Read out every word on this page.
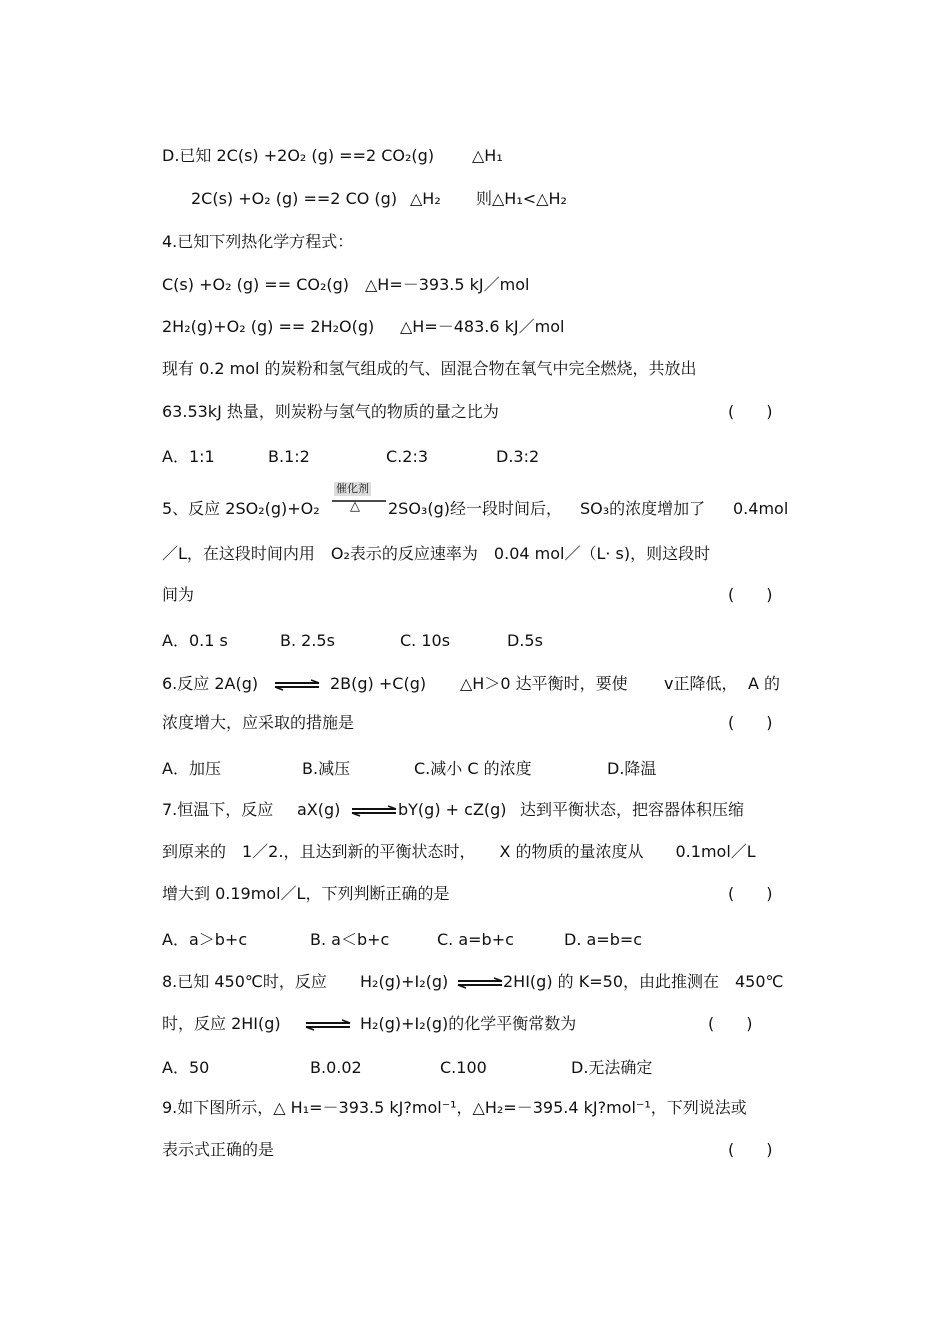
D.已知 2C(s) +2O₂ (g) ==2 CO₂(g) △H₁
2C(s) +O₂ (g) ==2 CO (g) △H₂ 则△H₁<△H₂
4.已知下列热化学方程式：
C(s) +O₂ (g) == CO₂(g) △H=－393.5 kJ／mol
2H₂(g)+O₂ (g) == 2H₂O(g) △H=－483.6 kJ／mol
现有 0.2 mol 的炭粉和氢气组成的气、固混合物在氧气中完全燃烧，共放出
63.53kJ 热量，则炭粉与氢气的物质的量之比为	(　　)
A．1:1	B.1:2	C.2:3	D.3:2
5、反应 2SO₂(g)+O₂
催化剂
△ 2SO₃(g)经一段时间后， SO₃的浓度增加了 0.4mol
／L，在这段时间内用　O₂表示的反应速率为　0.04 mol／（L· s)，则这段时
间为	(　　)
A．0.1 s	B. 2.5s	C. 10s	D.5s
6.反应 2A(g) ⇌ 2B(g) +C(g) △H＞0 达平衡时，要使 v正降低， A 的
浓度增大，应采取的措施是	(　　)
A．加压	B.减压	C.减小 C 的浓度	D.降温
7.恒温下，反应 aX(g) ⇌ bY(g) + cZ(g) 达到平衡状态，把容器体积压缩
到原来的　1／2.，且达到新的平衡状态时，　　X 的物质的量浓度从　　0.1mol／L
增大到 0.19mol／L，下列判断正确的是	(　　)
A．a＞b+c	B. a＜b+c	C. a=b+c	D. a=b=c
8.已知 450℃时，反应 H₂(g)+I₂(g) ⇌ 2HI(g) 的 K=50，由此推测在　450℃
时，反应 2HI(g) ⇌ H₂(g)+I₂(g)的化学平衡常数为	(　　)
A．50	B.0.02	C.100	D.无法确定
9.如下图所示，△ H₁=－393.5 kJ?mol⁻¹，△H₂=－395.4 kJ?mol⁻¹，下列说法或
表示式正确的是	(　　)
